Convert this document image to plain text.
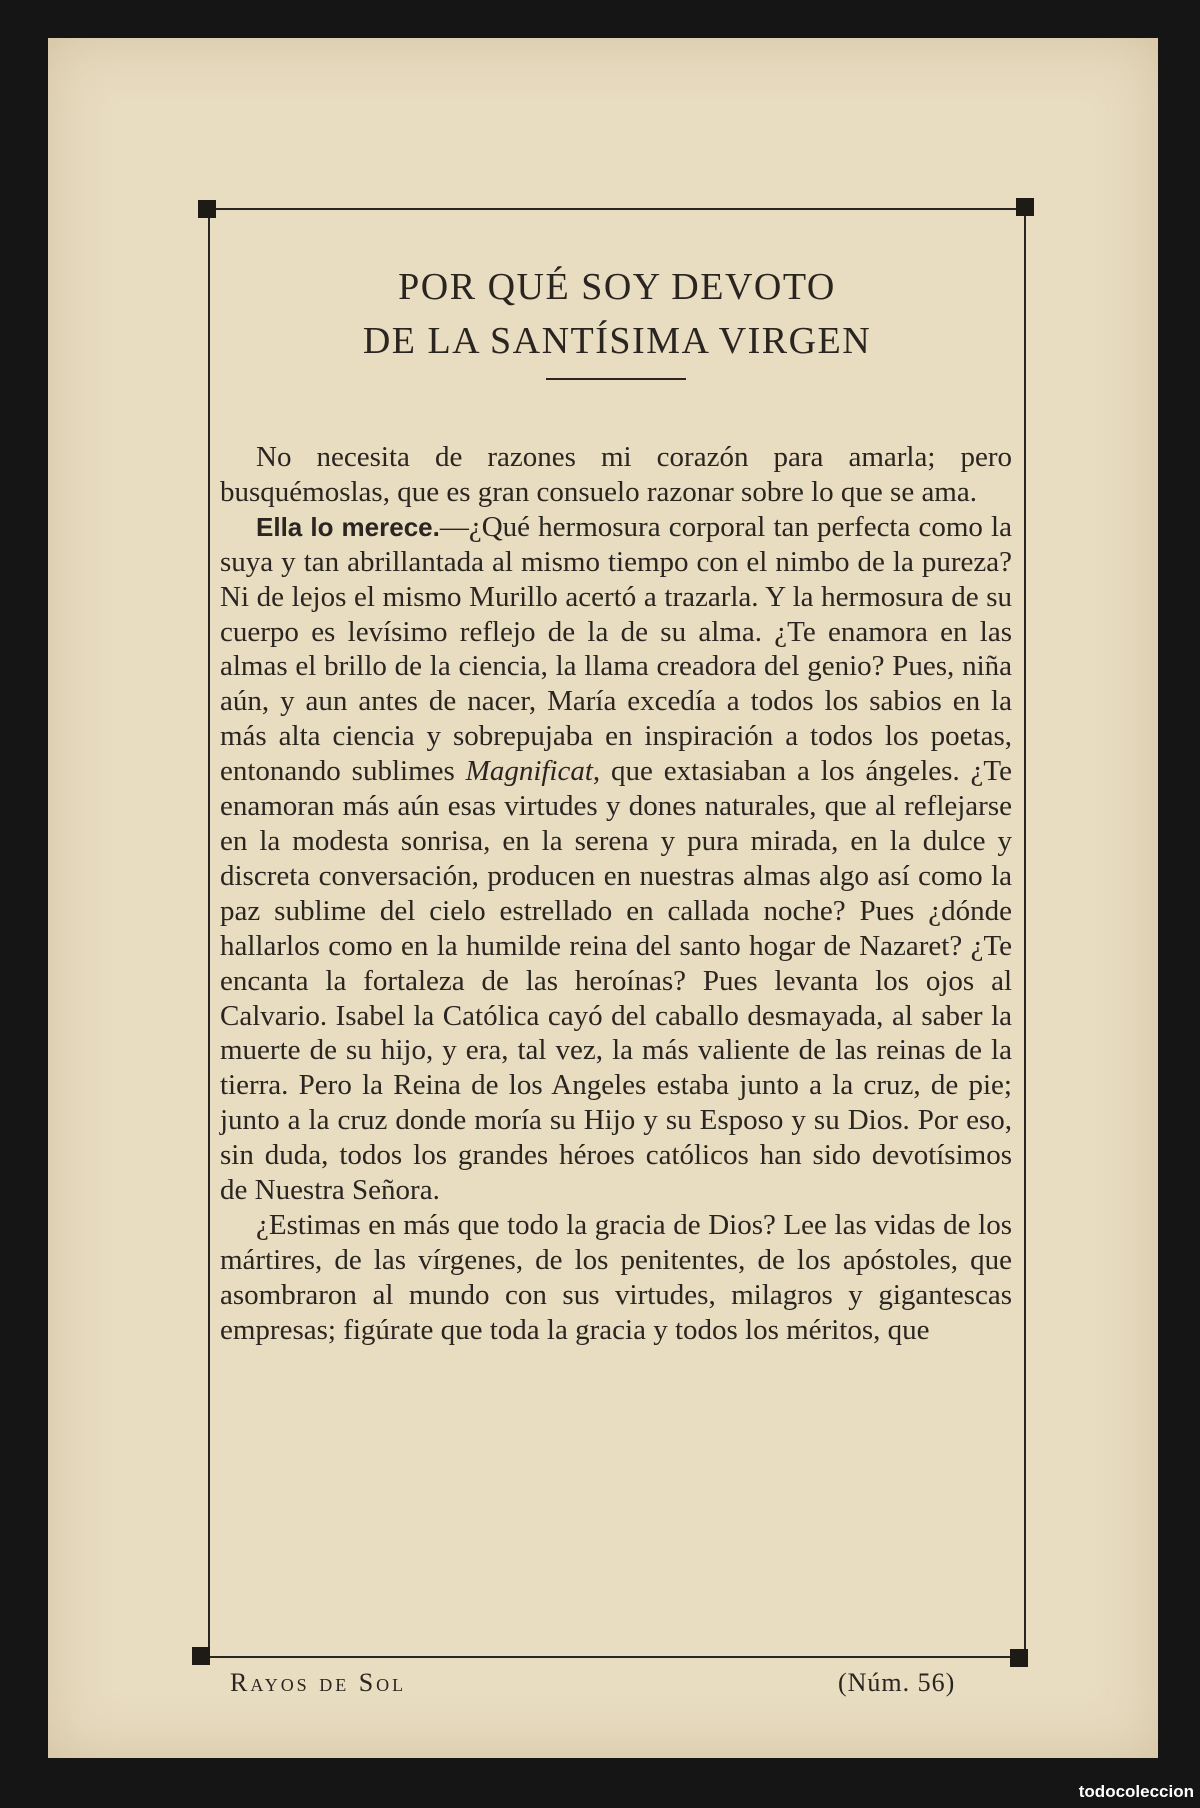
POR QUÉ SOY DEVOTO
DE LA SANTÍSIMA VIRGEN

No necesita de razones mi corazón para amarla; pero busquémoslas, que es gran consuelo razonar sobre lo que se ama.

Ella lo merece.—¿Qué hermosura corporal tan perfecta como la suya y tan abrillantada al mismo tiempo con el nimbo de la pureza? Ni de lejos el mismo Murillo acertó a trazarla. Y la hermosura de su cuerpo es levísimo reflejo de la de su alma. ¿Te enamora en las almas el brillo de la ciencia, la llama creadora del genio? Pues, niña aún, y aun antes de nacer, María excedía a todos los sabios en la más alta ciencia y sobrepujaba en inspiración a todos los poetas, entonando sublimes Magnificat, que extasiaban a los ángeles. ¿Te enamoran más aún esas virtudes y dones naturales, que al reflejarse en la modesta sonrisa, en la serena y pura mirada, en la dulce y discreta conversación, producen en nuestras almas algo así como la paz sublime del cielo estrellado en callada noche? Pues ¿dónde hallarlos como en la humilde reina del santo hogar de Nazaret? ¿Te encanta la fortaleza de las heroínas? Pues levanta los ojos al Calvario. Isabel la Católica cayó del caballo desmayada, al saber la muerte de su hijo, y era, tal vez, la más valiente de las reinas de la tierra. Pero la Reina de los Angeles estaba junto a la cruz, de pie; junto a la cruz donde moría su Hijo y su Esposo y su Dios. Por eso, sin duda, todos los grandes héroes católicos han sido devotísimos de Nuestra Señora.

¿Estimas en más que todo la gracia de Dios? Lee las vidas de los mártires, de las vírgenes, de los penitentes, de los apóstoles, que asombraron al mundo con sus virtudes, milagros y gigantescas empresas; figúrate que toda la gracia y todos los méritos, que

Rayos de Sol	(Núm. 56)
todocoleccion
